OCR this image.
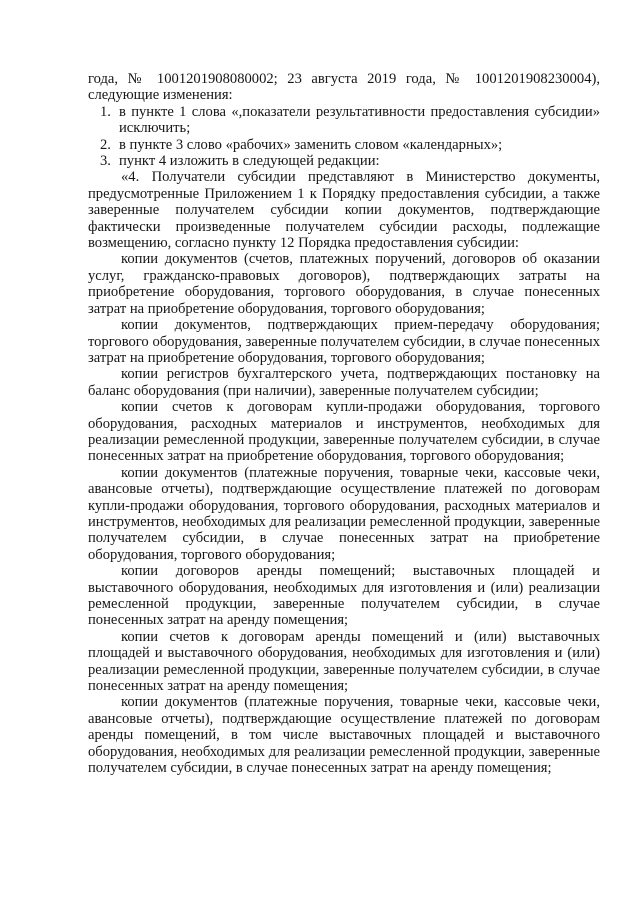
года, № 1001201908080002; 23 августа 2019 года, № 1001201908230004), следующие изменения:

1. в пункте 1 слова «,показатели результативности предоставления субсидии» исключить;

2. в пункте 3 слово «рабочих» заменить словом «календарных»;

3. пункт 4 изложить в следующей редакции:

«4. Получатели субсидии представляют в Министерство документы, предусмотренные Приложением 1 к Порядку предоставления субсидии, а также заверенные получателем субсидии копии документов, подтверждающие фактически произведенные получателем субсидии расходы, подлежащие возмещению, согласно пункту 12 Порядка предоставления субсидии:

копии документов (счетов, платежных поручений, договоров об оказании услуг, гражданско-правовых договоров), подтверждающих затраты на приобретение оборудования, торгового оборудования, в случае понесенных затрат на приобретение оборудования, торгового оборудования;

копии документов, подтверждающих прием-передачу оборудования; торгового оборудования, заверенные получателем субсидии, в случае понесенных затрат на приобретение оборудования, торгового оборудования;

копии регистров бухгалтерского учета, подтверждающих постановку на баланс оборудования (при наличии), заверенные получателем субсидии;

копии счетов к договорам купли-продажи оборудования, торгового оборудования, расходных материалов и инструментов, необходимых для реализации ремесленной продукции, заверенные получателем субсидии, в случае понесенных затрат на приобретение оборудования, торгового оборудования;

копии документов (платежные поручения, товарные чеки, кассовые чеки, авансовые отчеты), подтверждающие осуществление платежей по договорам купли-продажи оборудования, торгового оборудования, расходных материалов и инструментов, необходимых для реализации ремесленной продукции, заверенные получателем субсидии, в случае понесенных затрат на приобретение оборудования, торгового оборудования;

копии договоров аренды помещений; выставочных площадей и выставочного оборудования, необходимых для изготовления и (или) реализации ремесленной продукции, заверенные получателем субсидии, в случае понесенных затрат на аренду помещения;

копии счетов к договорам аренды помещений и (или) выставочных площадей и выставочного оборудования, необходимых для изготовления и (или) реализации ремесленной продукции, заверенные получателем субсидии, в случае понесенных затрат на аренду помещения;

копии документов (платежные поручения, товарные чеки, кассовые чеки, авансовые отчеты), подтверждающие осуществление платежей по договорам аренды помещений, в том числе выставочных площадей и выставочного оборудования, необходимых для реализации ремесленной продукции, заверенные получателем субсидии, в случае понесенных затрат на аренду помещения;
